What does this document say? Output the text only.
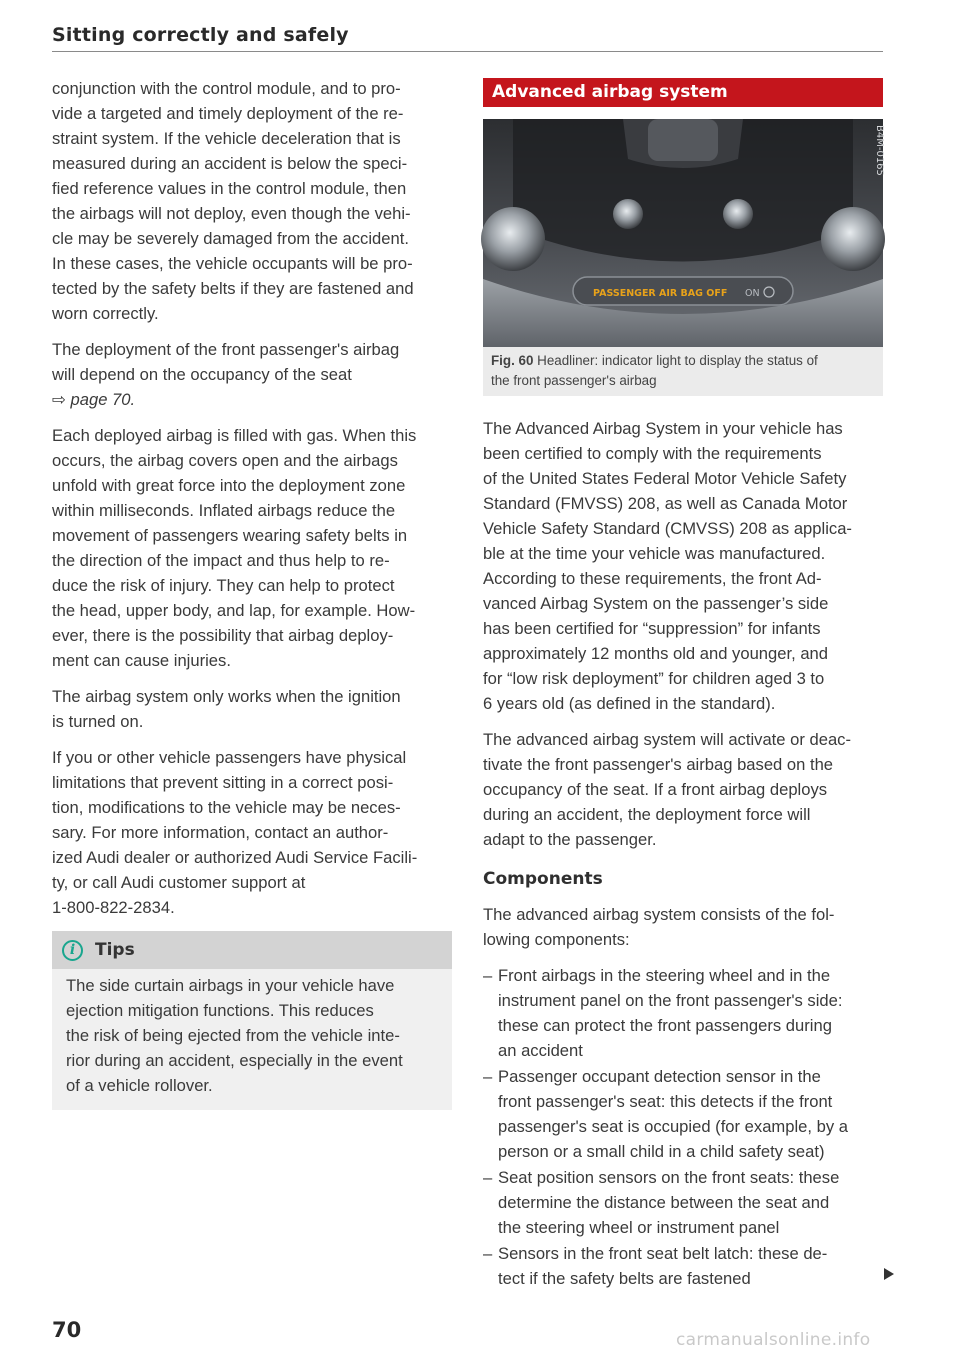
Sitting correctly and safely

conjunction with the control module, and to pro-
vide a targeted and timely deployment of the re-
straint system. If the vehicle deceleration that is
measured during an accident is below the speci-
fied reference values in the control module, then
the airbags will not deploy, even though the vehi-
cle may be severely damaged from the accident.
In these cases, the vehicle occupants will be pro-
tected by the safety belts if they are fastened and
worn correctly.

The deployment of the front passenger's airbag
will depend on the occupancy of the seat
⇨ page 70.

Each deployed airbag is filled with gas. When this
occurs, the airbag covers open and the airbags
unfold with great force into the deployment zone
within milliseconds. Inflated airbags reduce the
movement of passengers wearing safety belts in
the direction of the impact and thus help to re-
duce the risk of injury. They can help to protect
the head, upper body, and lap, for example. How-
ever, there is the possibility that airbag deploy-
ment can cause injuries.

The airbag system only works when the ignition
is turned on.

If you or other vehicle passengers have physical
limitations that prevent sitting in a correct posi-
tion, modifications to the vehicle may be neces-
sary. For more information, contact an author-
ized Audi dealer or authorized Audi Service Facili-
ty, or call Audi customer support at
1-800-822-2834.

i	Tips
The side curtain airbags in your vehicle have
ejection mitigation functions. This reduces
the risk of being ejected from the vehicle inte-
rior during an accident, especially in the event
of a vehicle rollover.
Advanced airbag system
PASSENGER AIR BAG OFF ON
B4M-0165
Fig. 60 Headliner: indicator light to display the status of
the front passenger's airbag

The Advanced Airbag System in your vehicle has
been certified to comply with the requirements
of the United States Federal Motor Vehicle Safety
Standard (FMVSS) 208, as well as Canada Motor
Vehicle Safety Standard (CMVSS) 208 as applica-
ble at the time your vehicle was manufactured.
According to these requirements, the front Ad-
vanced Airbag System on the passenger’s side
has been certified for “suppression” for infants
approximately 12 months old and younger, and
for “low risk deployment” for children aged 3 to
6 years old (as defined in the standard).

The advanced airbag system will activate or deac-
tivate the front passenger's airbag based on the
occupancy of the seat. If a front airbag deploys
during an accident, the deployment force will
adapt to the passenger.

Components

The advanced airbag system consists of the fol-
lowing components:

– Front airbags in the steering wheel and in the
instrument panel on the front passenger's side:
these can protect the front passengers during
an accident
– Passenger occupant detection sensor in the
front passenger's seat: this detects if the front
passenger's seat is occupied (for example, by a
person or a small child in a child safety seat)
– Seat position sensors on the front seats: these
determine the distance between the seat and
the steering wheel or instrument panel
– Sensors in the front seat belt latch: these de-
tect if the safety belts are fastened
70	carmanualsonline.info
